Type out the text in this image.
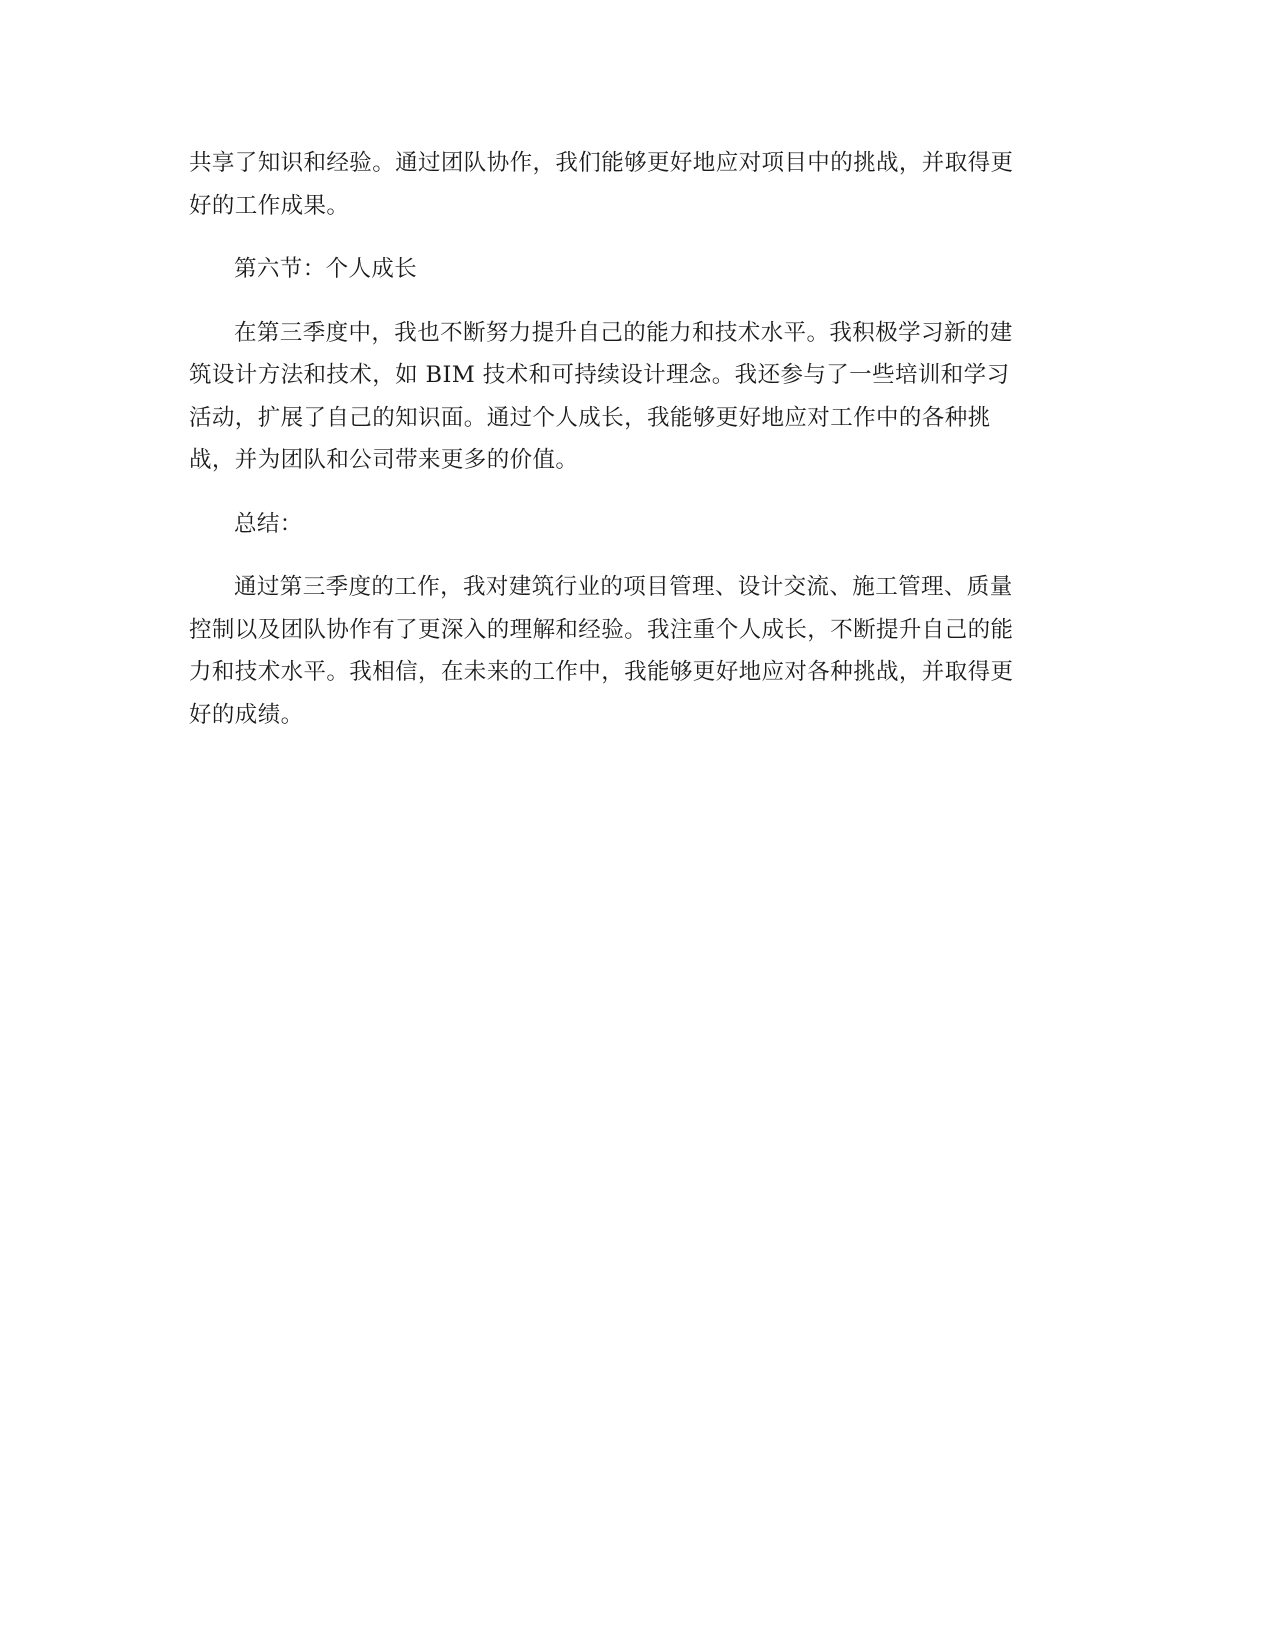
共享了知识和经验。通过团队协作，我们能够更好地应对项目中的挑战，并取得更
好的工作成果。

第六节：个人成长

在第三季度中，我也不断努力提升自己的能力和技术水平。我积极学习新的建
筑设计方法和技术，如 BIM 技术和可持续设计理念。我还参与了一些培训和学习
活动，扩展了自己的知识面。通过个人成长，我能够更好地应对工作中的各种挑
战，并为团队和公司带来更多的价值。

总结：

通过第三季度的工作，我对建筑行业的项目管理、设计交流、施工管理、质量
控制以及团队协作有了更深入的理解和经验。我注重个人成长，不断提升自己的能
力和技术水平。我相信，在未来的工作中，我能够更好地应对各种挑战，并取得更
好的成绩。
